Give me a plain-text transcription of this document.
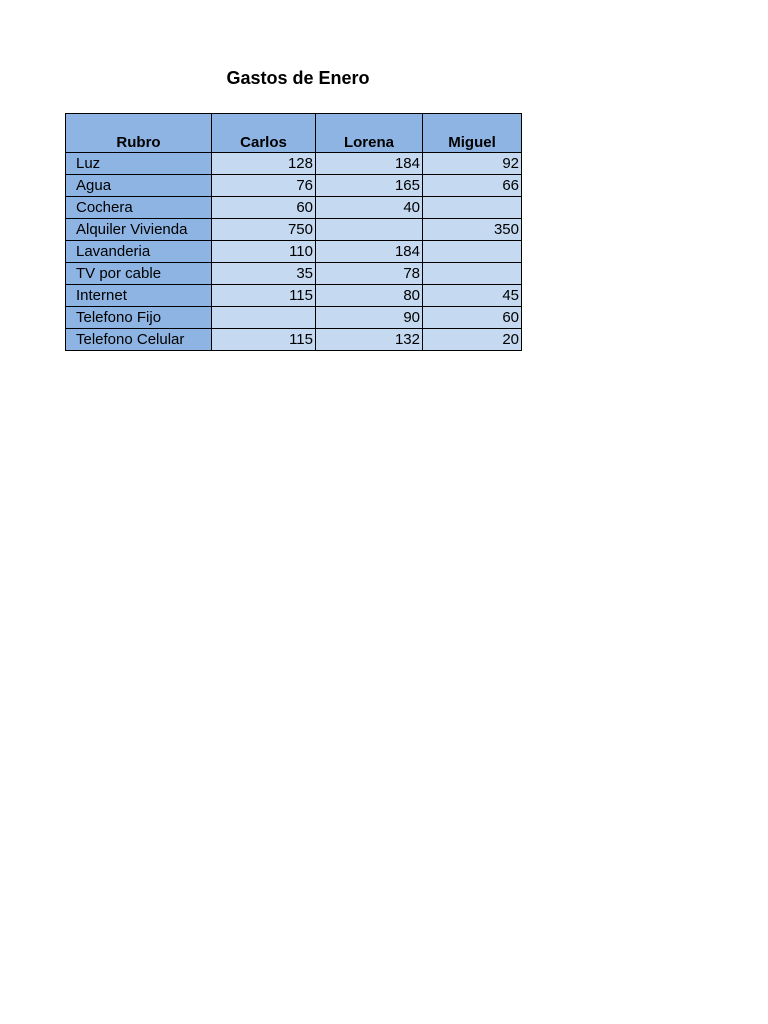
Gastos de Enero
Rubro	Carlos	Lorena	Miguel
Luz	128	184	92
Agua	76	165	66
Cochera	60	40	
Alquiler Vivienda	750		350
Lavanderia	110	184	
TV por cable	35	78	
Internet	115	80	45
Telefono Fijo		90	60
Telefono Celular	115	132	20
